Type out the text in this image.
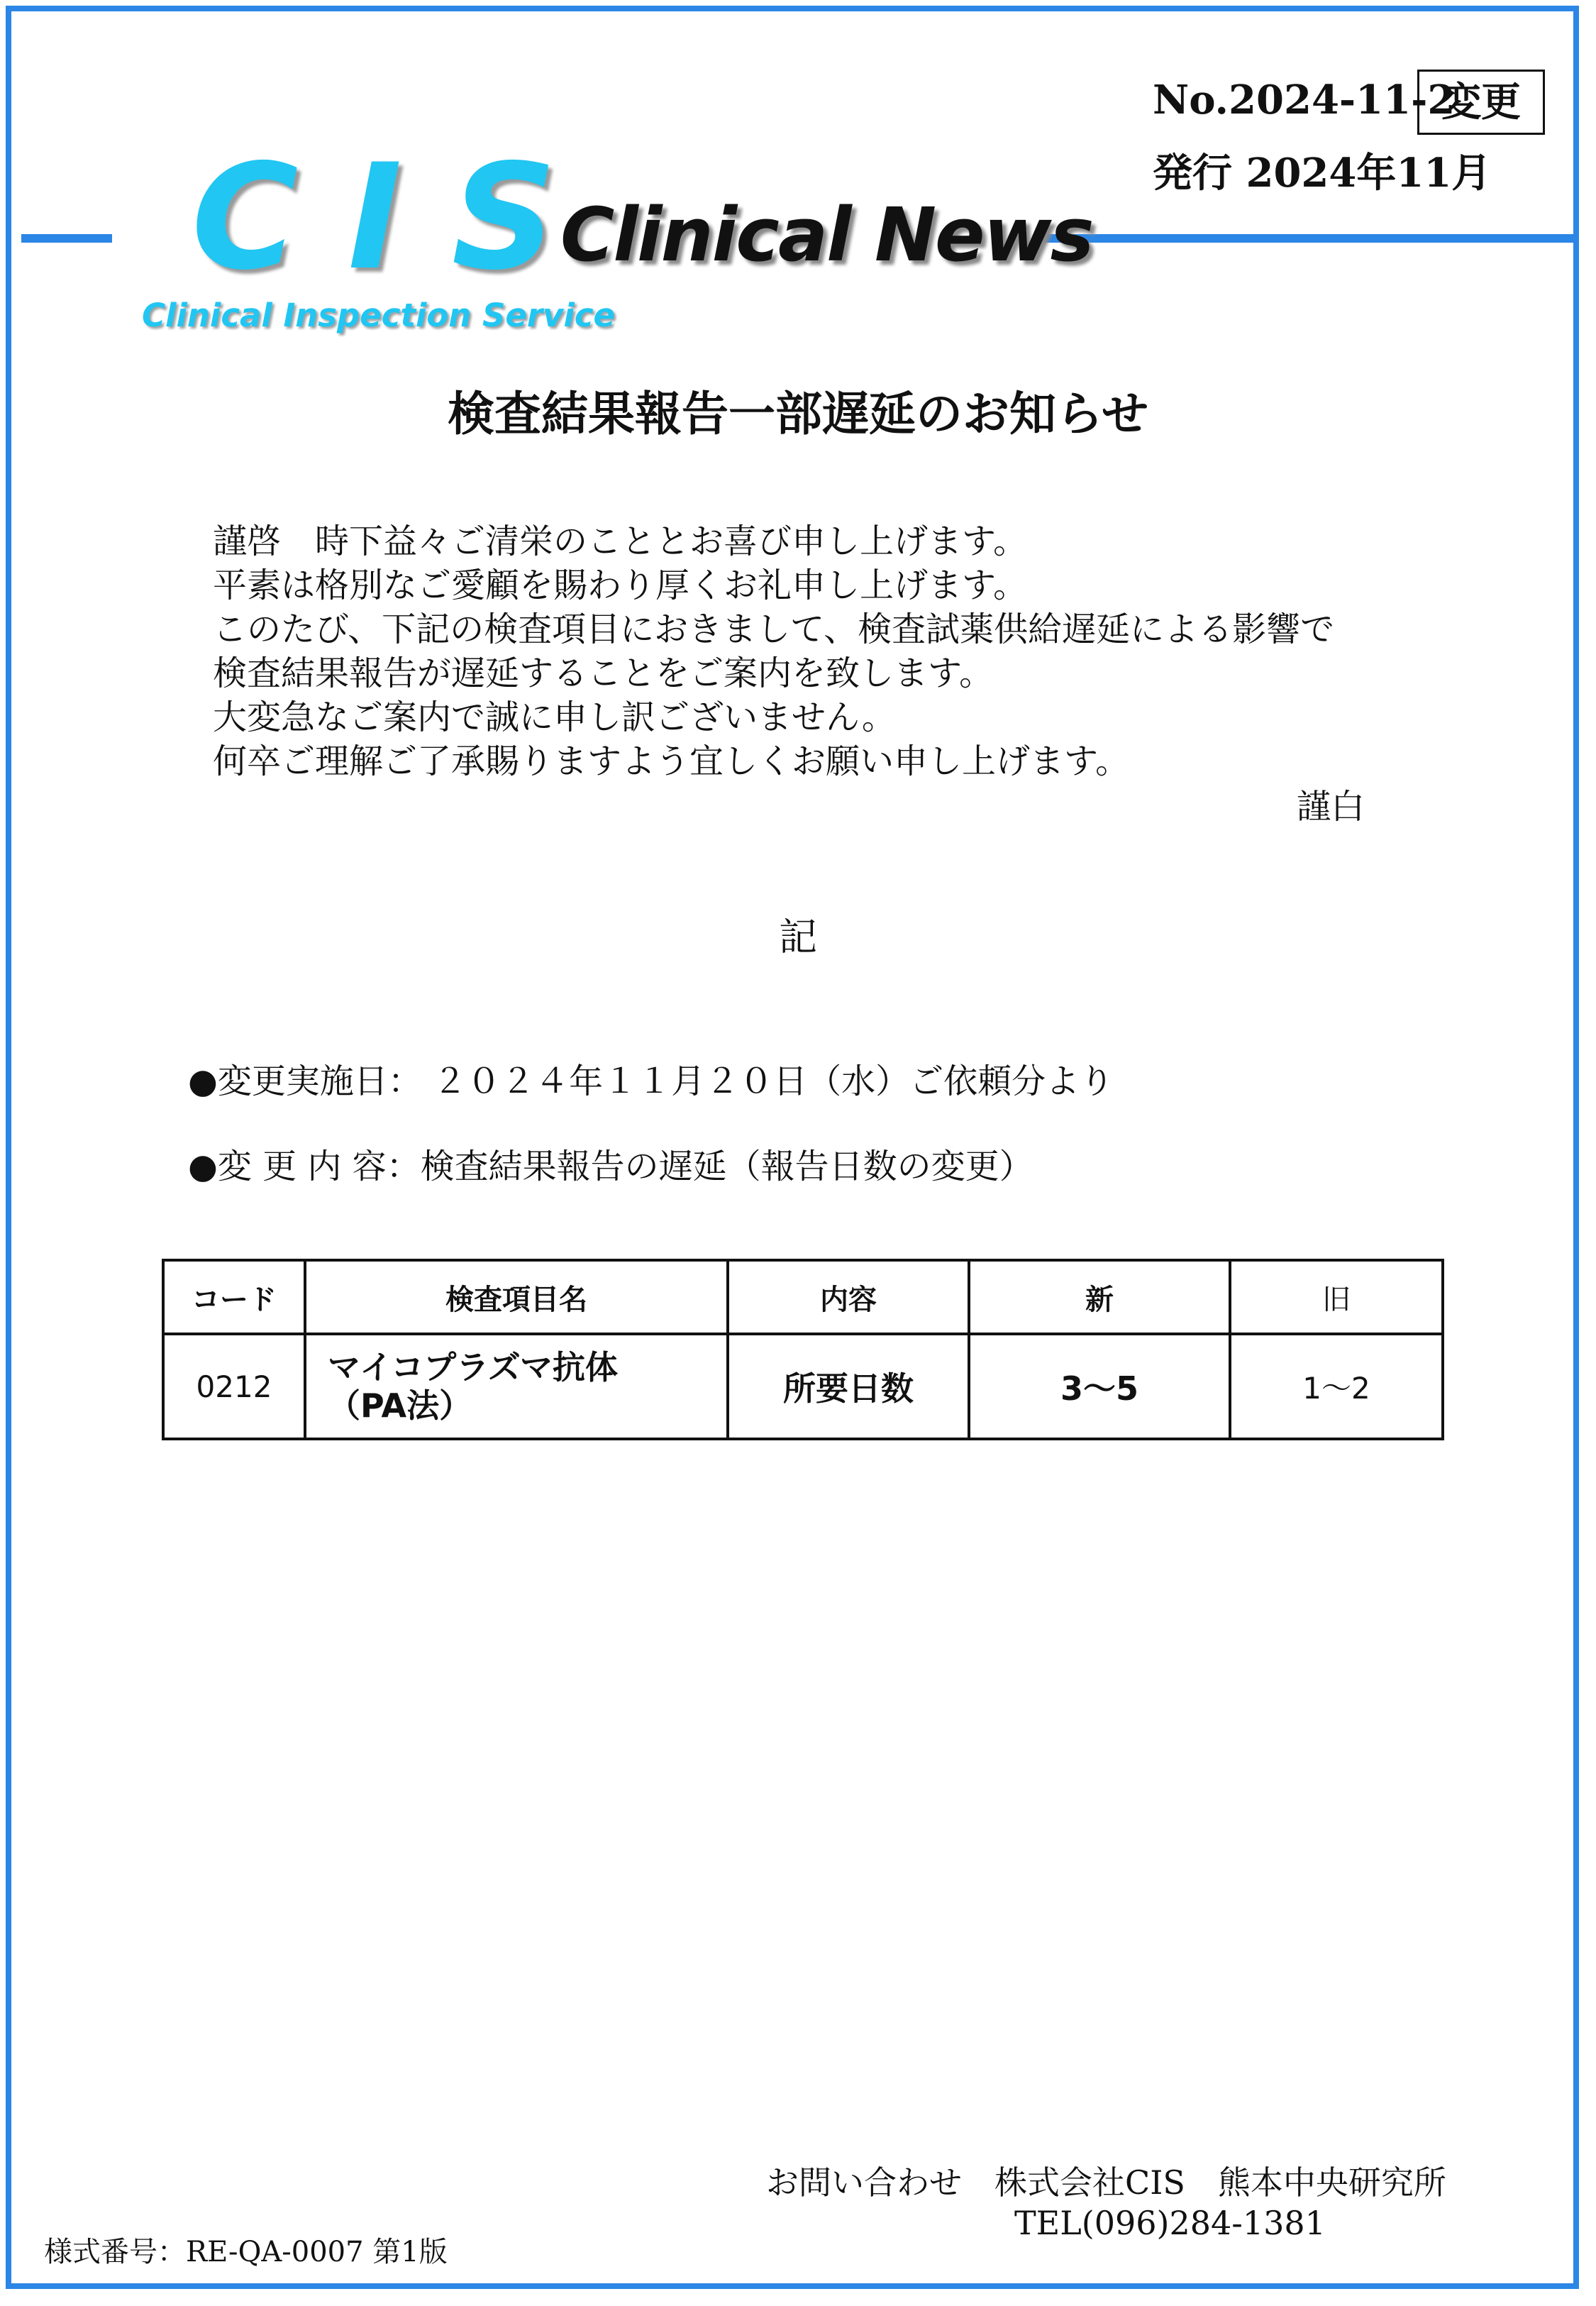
CIS
Clinical Inspection Service
Clinical News
No.2024-11-2
変更
発行 2024年11月
検査結果報告一部遅延のお知らせ
謹啓　時下益々ご清栄のこととお喜び申し上げます。
平素は格別なご愛顧を賜わり厚くお礼申し上げます。
このたび、下記の検査項目におきまして、検査試薬供給遅延による影響で
検査結果報告が遅延することをご案内を致します。
大変急なご案内で誠に申し訳ございません。
何卒ご理解ご了承賜りますよう宜しくお願い申し上げます。
謹白
記
●変更実施日： ２０２４年１１月２０日（水）ご依頼分より
●変 更 内 容：検査結果報告の遅延（報告日数の変更）
コード	検査項目名	内容	新	旧
0212	マイコプラズマ抗体
（PA法）	所要日数	3～5	1～2
お問い合わせ　株式会社CIS　熊本中央研究所
TEL(096)284-1381
様式番号：RE-QA-0007 第1版
